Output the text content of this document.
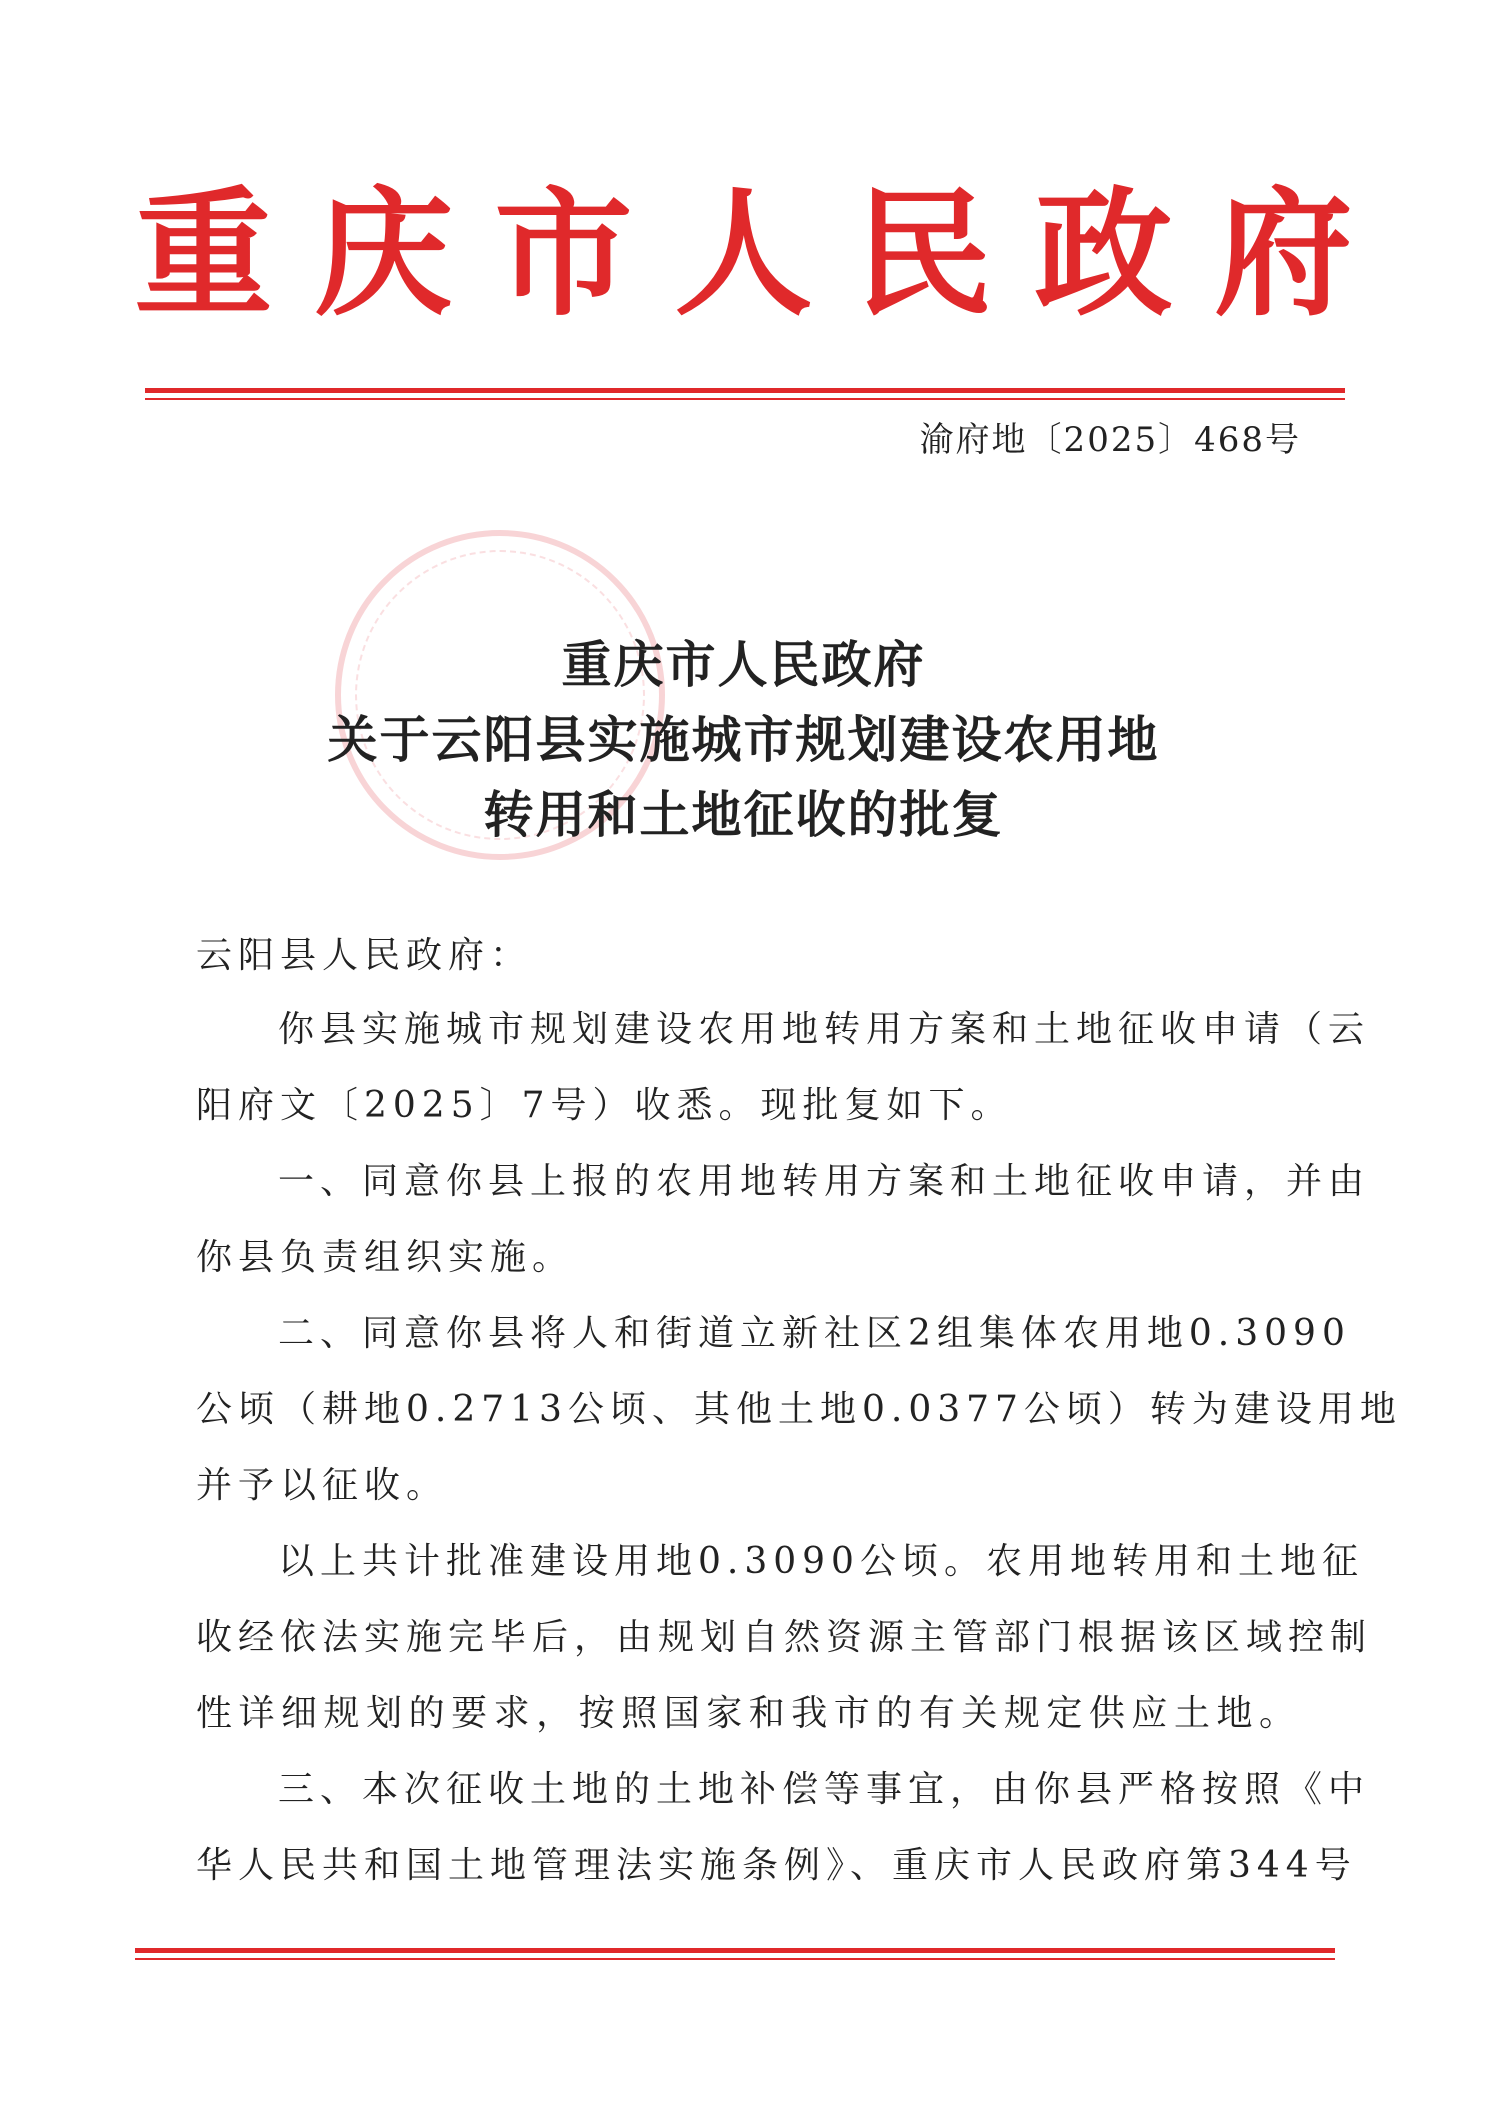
重庆市人民政府
渝府地〔2025〕468号
重庆市人民政府
关于云阳县实施城市规划建设农用地
转用和土地征收的批复
云阳县人民政府：
你县实施城市规划建设农用地转用方案和土地征收申请（云
阳府文〔2025〕7号）收悉。现批复如下。
一、同意你县上报的农用地转用方案和土地征收申请，并由
你县负责组织实施。
二、同意你县将人和街道立新社区2组集体农用地0.3090
公顷（耕地0.2713公顷、其他土地0.0377公顷）转为建设用地
并予以征收。
以上共计批准建设用地0.3090公顷。农用地转用和土地征
收经依法实施完毕后，由规划自然资源主管部门根据该区域控制
性详细规划的要求，按照国家和我市的有关规定供应土地。
三、本次征收土地的土地补偿等事宜，由你县严格按照《中
华人民共和国土地管理法实施条例》、重庆市人民政府第344号
